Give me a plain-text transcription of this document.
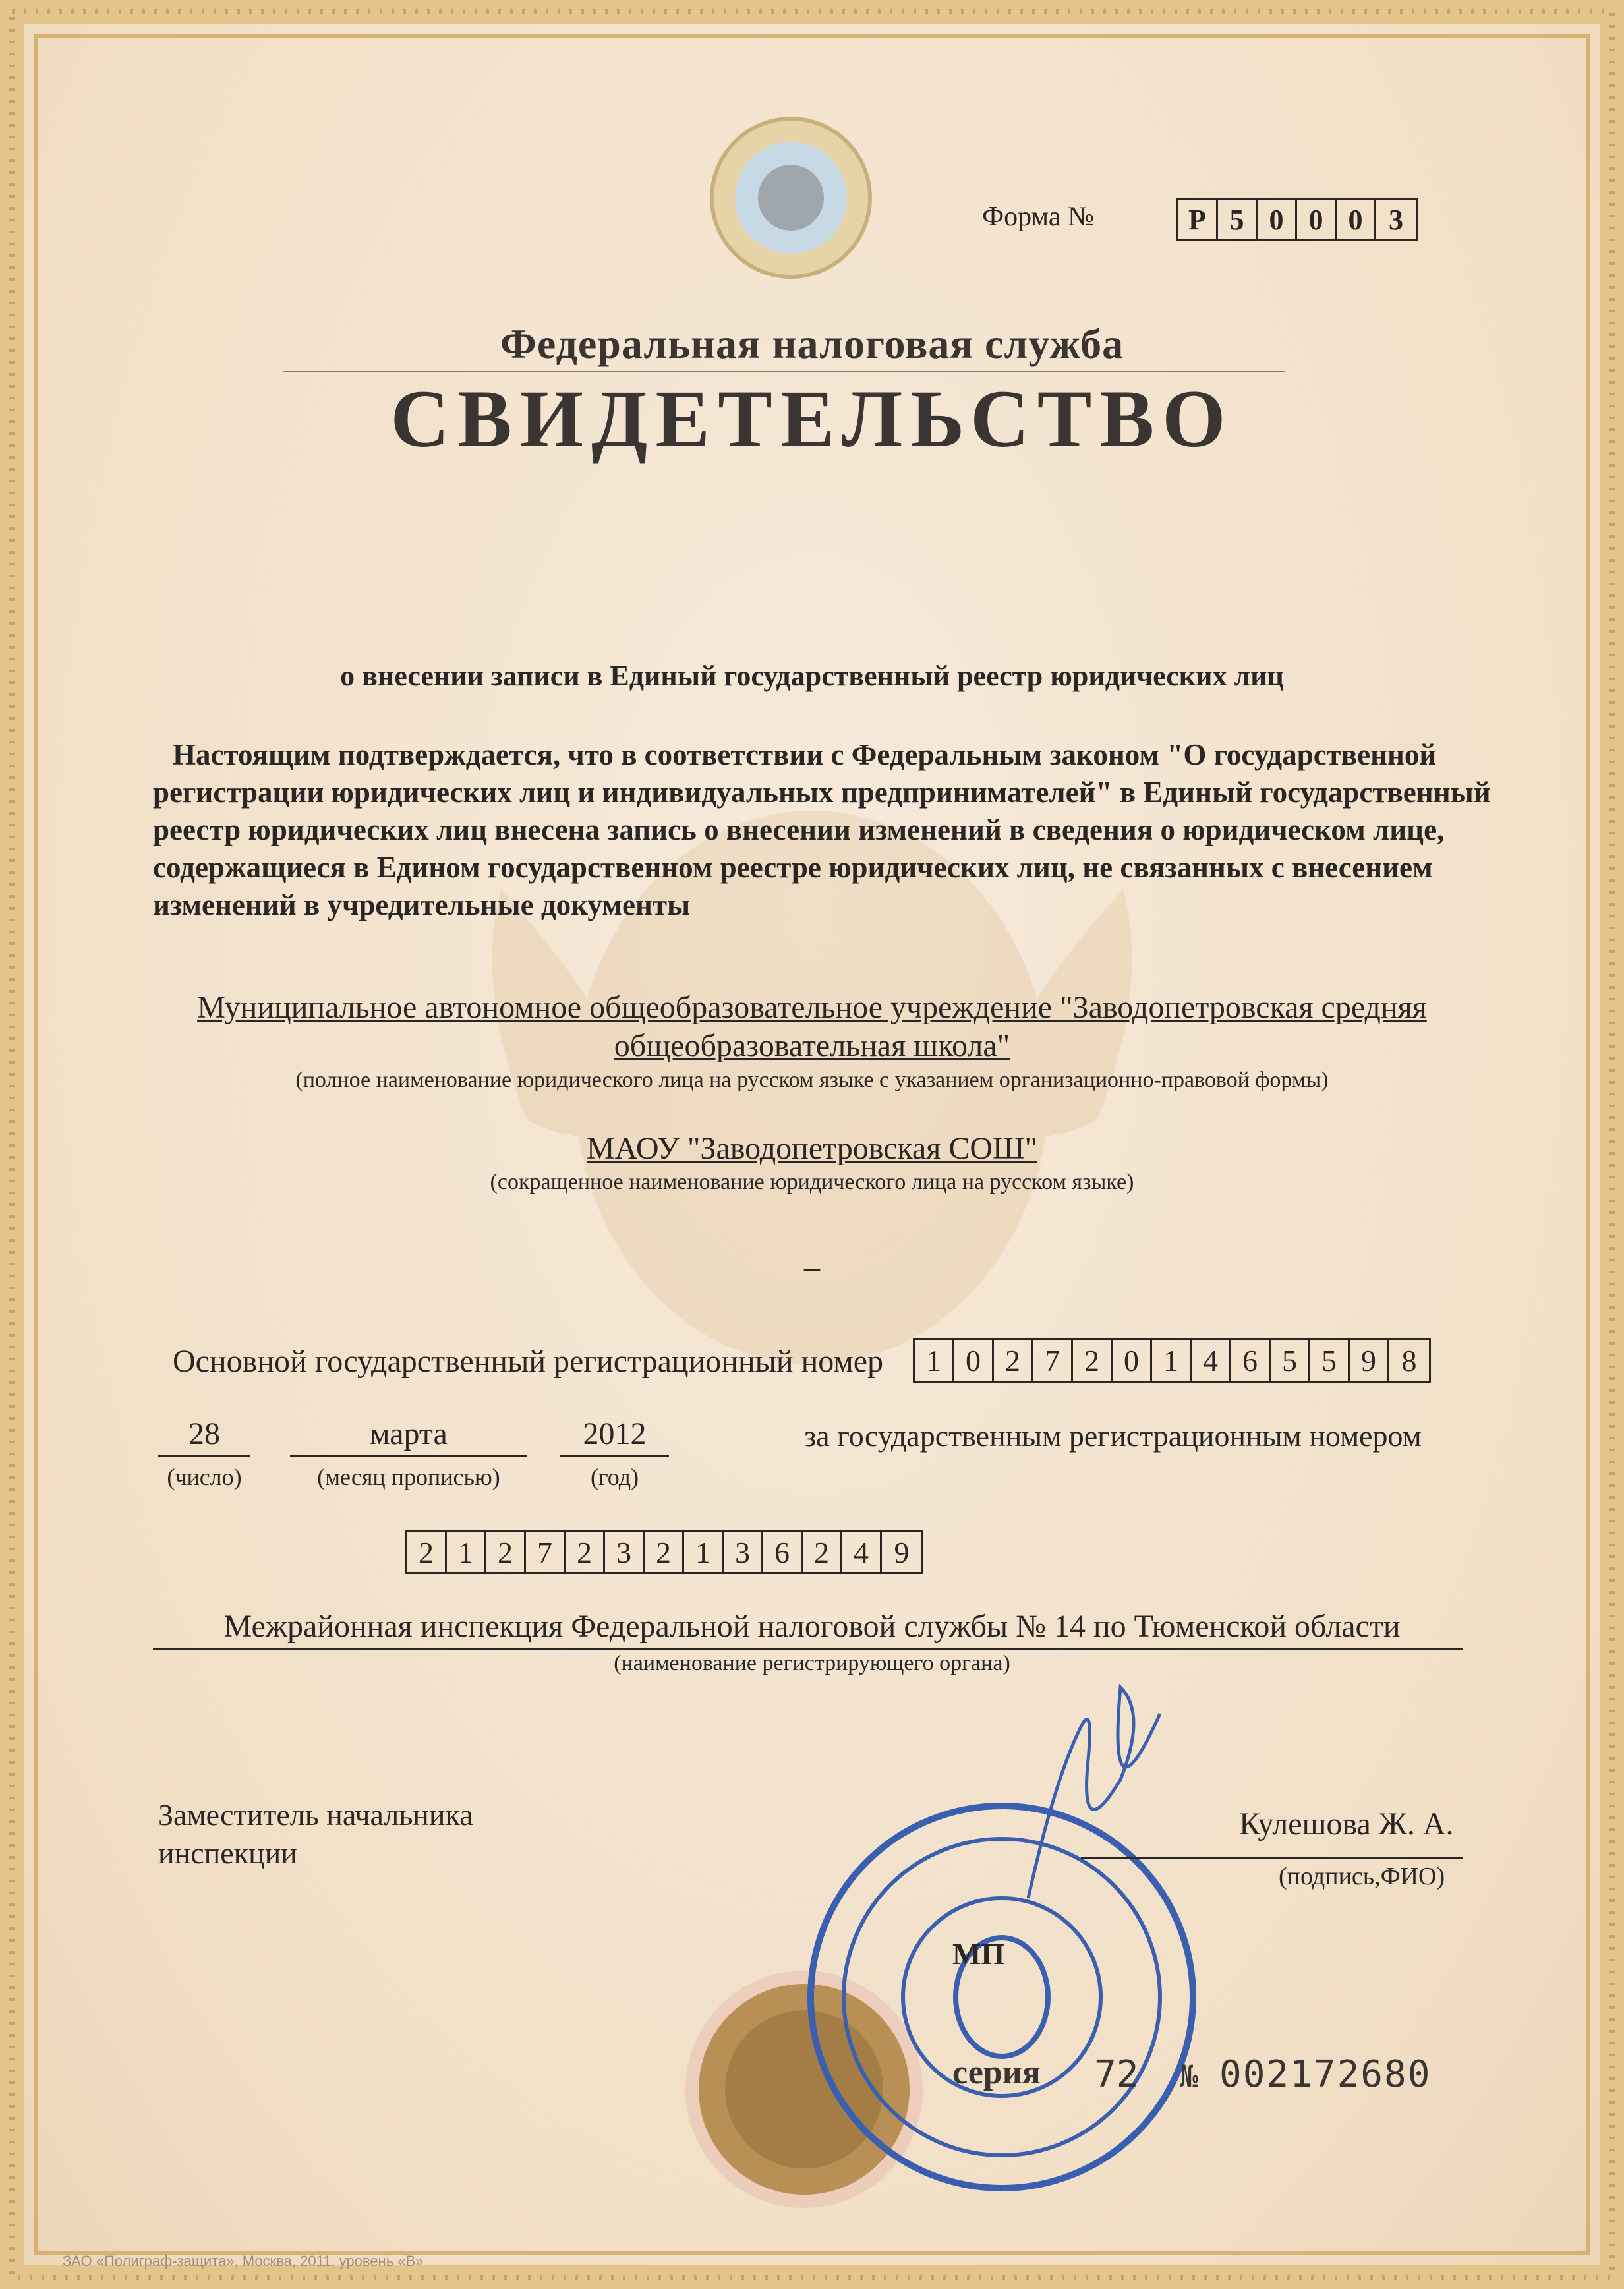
Форма №	Р 5 0 0 0 3
Федеральная налоговая служба
СВИДЕТЕЛЬСТВО
о внесении записи в Единый государственный реестр юридических лиц

Настоящим подтверждается, что в соответствии с Федеральным законом "О государственной регистрации юридических лиц и индивидуальных предпринимателей" в Единый государственный реестр юридических лиц внесена запись о внесении изменений в сведения о юридическом лице, содержащиеся в Едином государственном реестре юридических лиц, не связанных с внесением изменений в учредительные документы

Муниципальное автономное общеобразовательное учреждение "Заводопетровская средняя общеобразовательная школа"
(полное наименование юридического лица на русском языке с указанием организационно-правовой формы)
МАОУ "Заводопетровская СОШ"
(сокращенное наименование юридического лица на русском языке)
–
Основной государственный регистрационный номер	1 0 2 7 2 0 1 4 6 5 5 9 8
28
(число)
марта
(месяц прописью)
2012
(год)
за государственным регистрационным номером
2 1 2 7 2 3 2 1 3 6 2 4 9
Межрайонная инспекция Федеральной налоговой службы № 14 по Тюменской области
(наименование регистрирующего органа)
Заместитель начальника
инспекции
Кулешова Ж. А.
(подпись,ФИО)
МП
серия 72 № 002172680
ЗАО «Полиграф-защита», Москва, 2011, уровень «В»
